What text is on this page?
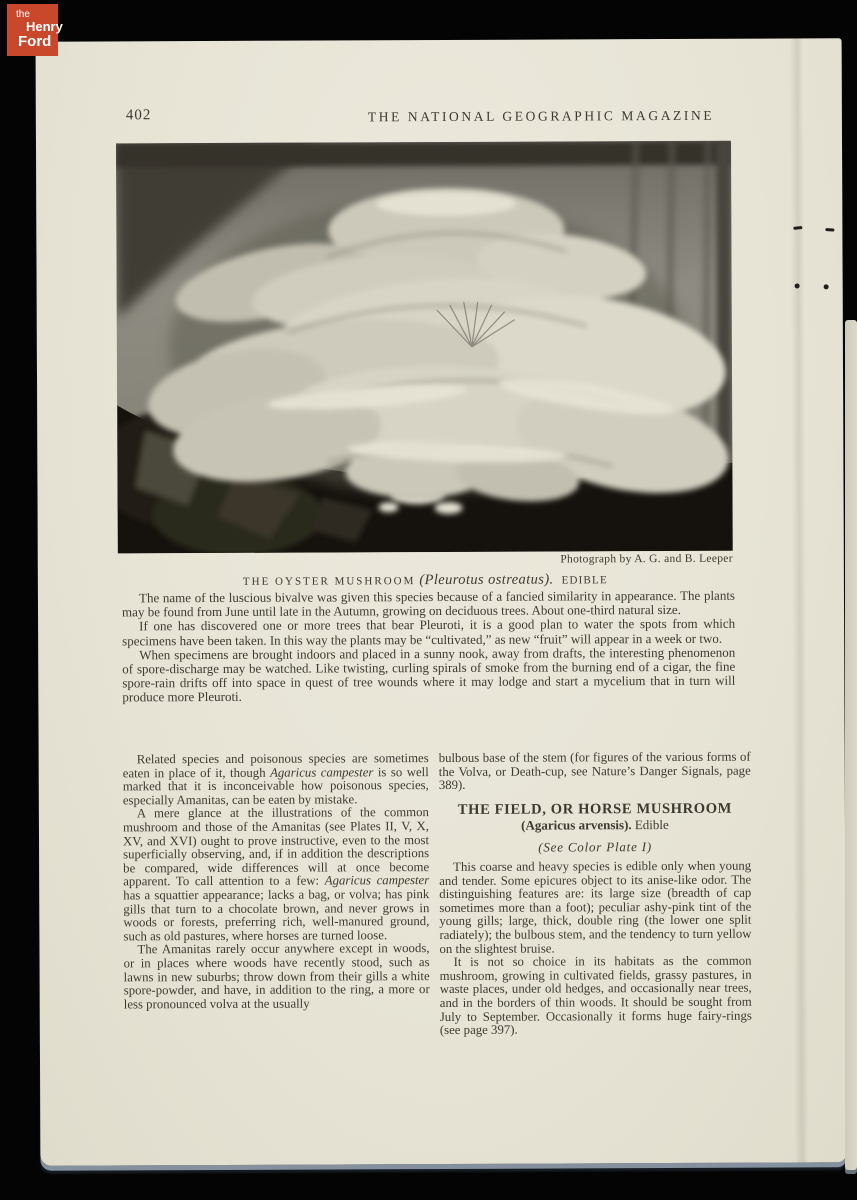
the
Henry
Ford
402	THE NATIONAL GEOGRAPHIC MAGAZINE
Photograph by A. G. and B. Leeper
THE OYSTER MUSHROOM (Pleurotus ostreatus). EDIBLE

The name of the luscious bivalve was given this species because of a fancied similarity in appearance. The plants may be found from June until late in the Autumn, growing on deciduous trees. About one-third natural size.

If one has discovered one or more trees that bear Pleuroti, it is a good plan to water the spots from which specimens have been taken. In this way the plants may be “cultivated,” as new “fruit” will appear in a week or two.

When specimens are brought indoors and placed in a sunny nook, away from drafts, the interesting phenomenon of spore-discharge may be watched. Like twisting, curling spirals of smoke from the burning end of a cigar, the fine spore-rain drifts off into space in quest of tree wounds where it may lodge and start a mycelium that in turn will produce more Pleuroti.

Related species and poisonous species are sometimes eaten in place of it, though Agaricus campester is so well marked that it is inconceivable how poisonous species, especially Amanitas, can be eaten by mistake.

A mere glance at the illustrations of the common mushroom and those of the Amanitas (see Plates II, V, X, XV, and XVI) ought to prove instructive, even to the most superficially observing, and, if in addition the descriptions be compared, wide differences will at once become apparent. To call attention to a few: Agaricus campester has a squattier appearance; lacks a bag, or volva; has pink gills that turn to a chocolate brown, and never grows in woods or forests, preferring rich, well-manured ground, such as old pastures, where horses are turned loose.

The Amanitas rarely occur anywhere except in woods, or in places where woods have recently stood, such as lawns in new suburbs; throw down from their gills a white spore-powder, and have, in addition to the ring, a more or less pronounced volva at the usually

bulbous base of the stem (for figures of the various forms of the Volva, or Death-cup, see Nature’s Danger Signals, page 389).

THE FIELD, OR HORSE MUSHROOM
(Agaricus arvensis). Edible
(See Color Plate I)

This coarse and heavy species is edible only when young and tender. Some epicures object to its anise-like odor. The distinguishing features are: its large size (breadth of cap sometimes more than a foot); peculiar ashy-pink tint of the young gills; large, thick, double ring (the lower one split radiately); the bulbous stem, and the tendency to turn yellow on the slightest bruise.

It is not so choice in its habitats as the common mushroom, growing in cultivated fields, grassy pastures, in waste places, under old hedges, and occasionally near trees, and in the borders of thin woods. It should be sought from July to September. Occasionally it forms huge fairy-rings (see page 397).
